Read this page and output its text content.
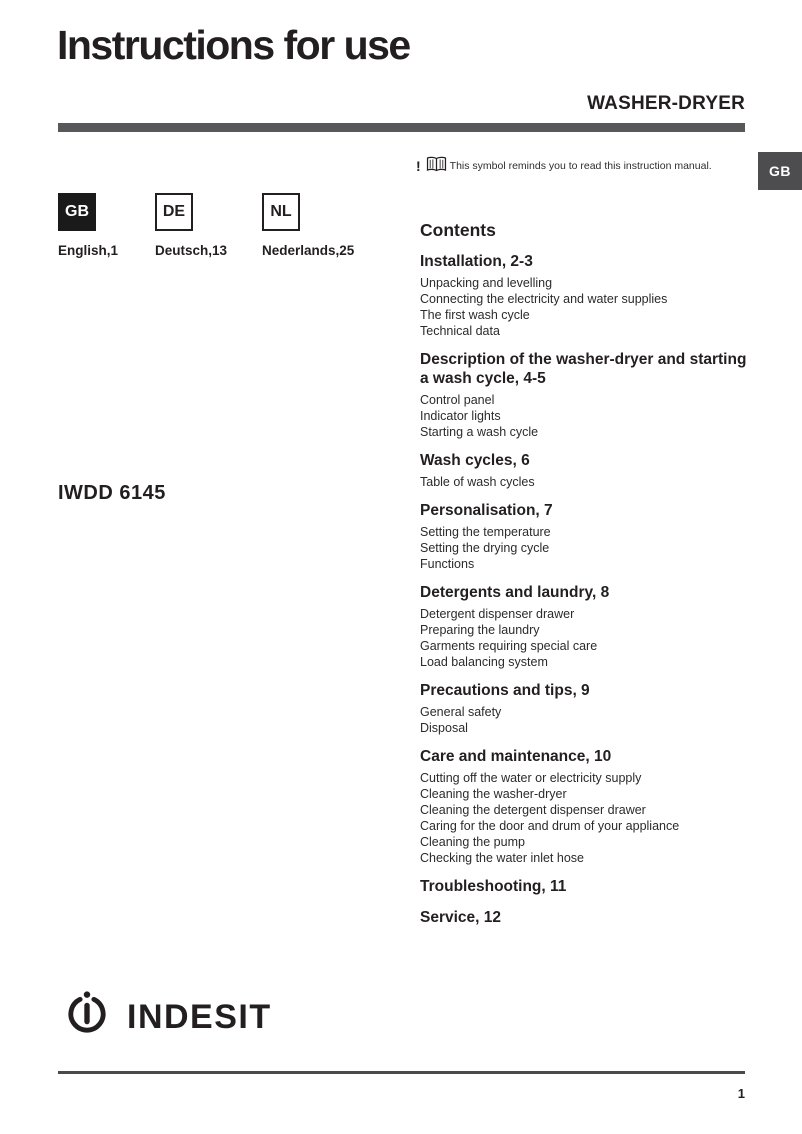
Instructions for use
WASHER-DRYER
GB
!	This symbol reminds you to read this instruction manual.
GB
English,1
DE
Deutsch,13
NL
Nederlands,25

IWDD 6145

Contents
Installation, 2-3
Unpacking and levelling
Connecting the electricity and water supplies
The first wash cycle
Technical data
Description of the washer-dryer and starting a wash cycle, 4-5
Control panel
Indicator lights
Starting a wash cycle
Wash cycles, 6
Table of wash cycles
Personalisation, 7
Setting the temperature
Setting the drying cycle
Functions
Detergents and laundry, 8
Detergent dispenser drawer
Preparing the laundry
Garments requiring special care
Load balancing system
Precautions and tips, 9
General safety
Disposal
Care and maintenance, 10
Cutting off the water or electricity supply
Cleaning the washer-dryer
Cleaning the detergent dispenser drawer
Caring for the door and drum of your appliance
Cleaning the pump
Checking the water inlet hose
Troubleshooting, 11
Service, 12
INDESIT
1
